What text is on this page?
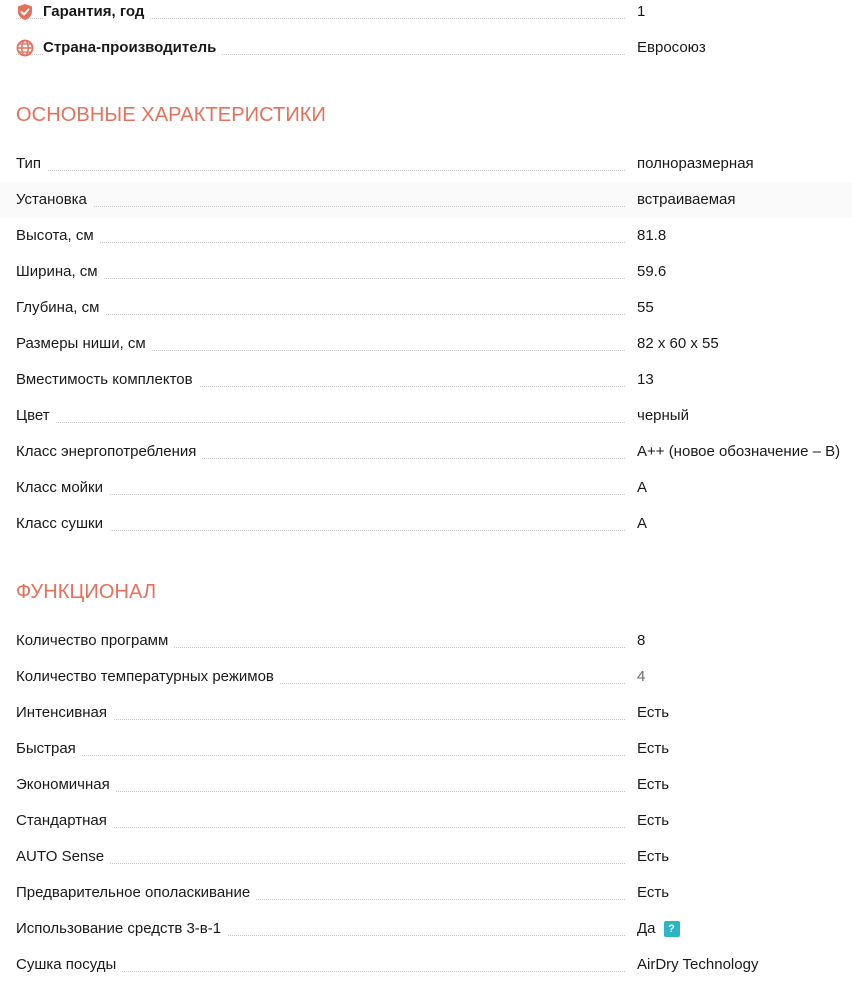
Гарантия, год	1
Страна-производитель	Евросоюз
ОСНОВНЫЕ ХАРАКТЕРИСТИКИ
Тип	полноразмерная
Установка	встраиваемая
Высота, см	81.8
Ширина, см	59.6
Глубина, см	55
Размеры ниши, см	82 x 60 x 55
Вместимость комплектов	13
Цвет	черный
Класс энергопотребления	A++ (новое обозначение – B)
Класс мойки	A
Класс сушки	A
ФУНКЦИОНАЛ
Количество программ	8
Количество температурных режимов	4
Интенсивная	Есть
Быстрая	Есть
Экономичная	Есть
Стандартная	Есть
AUTO Sense	Есть
Предварительное ополаскивание	Есть
Использование средств 3-в-1	Да	?
Сушка посуды	AirDry Technology
